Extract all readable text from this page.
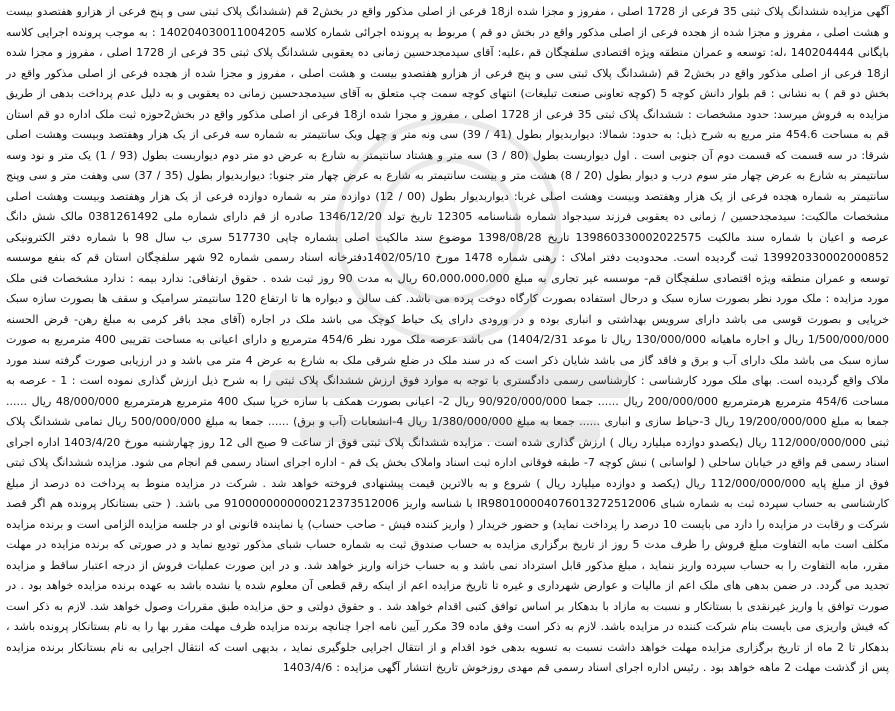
آگهی مزایده ششدانگ پلاک ثبتی 35 فرعی از 1728 اصلی ، مفروز و مجزا شده از18 فرعی از اصلی مذکور واقع در بخش2 قم (ششدانگ پلاک ثبتی سی و پنج فرعی از هزارو هفتصدو بیست و هشت اصلی ، مفروز و مجزا شده از هجده فرعی از اصلی مذکور واقع در بخش دو قم ) مربوط به پرونده اجرائی شماره کلاسه 140204030011004205 : به موجب پرونده اجرایی کلاسه بایگانی 140204444 ،له: توسعه و عمران منطقه ویژه اقتصادی سلفچگان قم ،علیه: آقای سیدمجدحسین زمانی ده یعقوبی ششدانگ پلاک ثبتی 35 فرعی از 1728 اصلی ، مفروز و مجزا شده از18 فرعی از اصلی مذکور واقع در بخش2 قم (ششدانگ پلاک ثبتی سی و پنج فرعی از هزارو هفتصدو بیست و هشت اصلی ، مفروز و مجزا شده از هجده فرعی از اصلی مذکور واقع در بخش دو قم ) به نشانی : قم بلوار دانش کوچه 5 (کوچه تعاونی صنعت تبلیغات) انتهای کوچه سمت چپ متعلق به آقای سیدمجدحسین زمانی ده یعقوبی و به دلیل عدم پرداخت بدهی از طریق مزایده به فروش میرسد: حدود مشخصات : ششدانگ پلاک ثبتی 35 فرعی از 1728 اصلی ، مفروز و مجزا شده از18 فرعی از اصلی مذکور واقع در بخش2حوزه ثبت ملک اداره دو قم استان قم به مساحت 454.6 متر مربع به شرح ذیل: به حدود: شمالا: دیواربدیوار بطول (41 / 39) سی ونه متر و چهل ویک سانتیمتر به شماره سه فرعی از یک هزار وهفتصد وبیست وهشت اصلی شرقا: در سه قسمت که قسمت دوم آن جنوبی است . اول دیواربست بطول (80 / 3) سه متر و هشتاد سانتیمتر به شارع به عرض دو متر دوم دیواربست بطول (93 / 1) یک متر و نود وسه سانتیمتر به شارع به عرض چهار متر سوم درب و دیوار بطول (20 / 8) هشت متر و بیست سانتیمتر به شارع به عرض چهار متر جنوبا: دیواربدیوار بطول (35 / 37) سی وهفت متر و سی وپنج سانتیمتر به شماره هجده فرعی از یک هزار وهفتصد وبیست وهشت اصلی غربا: دیواربدیوار بطول (00 / 12) دوازده متر به شماره دوازده فرعی از یک هزار وهفتصد وبیست وهشت اصلی مشخصات مالکیت: سیدمجدحسین / زمانی ده یعقوبی فرزند سیدجواد شماره شناسنامه 12305 تاریخ تولد 1346/12/20 صادره از قم دارای شماره ملی 0381261492 مالک شش دانگ عرصه و اعیان با شماره سند مالکیت 139860330002022575 تاریخ 1398/08/28 موضوع سند مالکیت اصلی بشماره چاپی 517730 سری ب سال 98 با شماره دفتر الکترونیکی 139920330002000852 ثبت گردیده است. محدودیت دفتر املاک : رهنی شماره 1478 مورخ 1402/05/10دفترخانه اسناد رسمی شماره 92 شهر سلفچگان استان قم که بنفع موسسه توسعه و عمران منطقه ویژه اقتصادی سلفچگان قم- موسسه غیر تجاری به مبلغ 60،000،000،000 ریال به مدت 90 روز ثبت شده . حقوق ارتفاقی: ندارد بیمه : ندارد مشخصات فنی ملک مورد مزایده : ملک مورد نظر بصورت سازه سبک و درحال استفاده بصورت کارگاه دوخت پرده می باشد. کف سالن و دیواره ها تا ارتفاع 120 سانتیمتر سرامیک و سقف ها بصورت سازه سبک خرپایی و بصورت قوسی می باشد دارای سرویس بهداشتی و انباری بوده و در ورودی دارای یک حیاط کوچک می باشد ملک در اجاره (آقای مجد باقر کرمی به مبلغ رهن- قرض الحسنه 1/500/000/000 ریال و اجاره ماهیانه 130/000/000 ریال تا موعد 1404/2/31) می باشد عرصه ملک مورد نظر 454/6 مترمربع و دارای اعیانی به مساحت تقریبی 400 مترمربع به صورت سازه سبک می باشد ملک دارای آب و برق و فاقد گاز می باشد شایان ذکر است که در سند ملک در ضلع شرقی ملک به شارع به عرض 4 متر می باشد و در ارزیابی صورت گرفته سند مورد ملاک واقع گردیده است. بهای ملک مورد کارشناسی : کارشناسی رسمی دادگستری با توجه به موارد فوق ارزش ششدانگ پلاک ثبتی را به شرح ذیل ارزش گذاری نموده است : 1 - عرصه به مساحت 454/6 مترمربع هرمترمربع 200/000/000 ریال ...... جمعا 90/920/000/000 ریال 2- اعیانی بصورت همکف با سازه خرپا سبک 400 مترمربع هرمترمربع 48/000/000 ریال ...... جمعا به مبلغ 19/200/000/000 ریال 3-حیاط سازی و انباری ...... جمعا به مبلغ 1/380/000/000 ریال 4-انشعابات (آب و برق) ...... جمعا به مبلغ 500/000/000 ریال تمامی ششدانگ پلاک ثبتی 112/000/000/000 ریال (یکصدو دوازده میلیارد ریال ) ارزش گذاری شده است . مزایده ششدانگ پلاک ثبتی فوق از ساعت 9 صبح الی 12 روز چهارشنبه مورخ 1403/4/20 اداره اجرای اسناد رسمی قم واقع در خیابان ساحلی ( لواسانی ) نبش کوچه 7- طبقه فوقانی اداره ثبت اسناد واملاک بخش یک قم - اداره اجرای اسناد رسمی قم انجام می شود. مزایده ششدانگ پلاک ثبتی فوق از مبلغ پایه 112/000/000/000 ریال (یکصد و دوازده میلیارد ریال ) شروع و به بالاترین قیمت پیشنهادی فروخته خواهد شد . شرکت در مزایده منوط به پرداخت ده درصد از مبلغ کارشناسی به حساب سپرده ثبت به شماره شبای IR980100004076013272512006 با شناسه واریز 9100000000000212373512006 می باشد. ( حتی بستانکار پرونده هم اگر قصد شرکت و رقابت در مزایده را دارد می بایست 10 درصد را پرداخت نماید) و حضور خریدار ( واریز کننده فیش - صاحب حساب) یا نماینده قانونی او در جلسه مزایده الزامی است و برنده مزایده مکلف است مابه التفاوت مبلغ فروش را ظرف مدت 5 روز از تاریخ برگزاری مزایده به حساب صندوق ثبت به شماره حساب شبای مذکور تودیع نماید و در صورتی که برنده مزایده در مهلت مقرر، مابه التفاوت را به حساب سپرده واریز ننماید ، مبلغ مذکور قابل استرداد نمی باشد و به حساب خزانه واریز خواهد شد. و در این صورت عملیات فروش از درجه اعتبار ساقط و مزایده تجدید می گردد. در ضمن بدهی های ملک اعم از مالیات و عوارض شهرداری و غیره تا تاریخ مزایده اعم از اینکه رقم قطعی آن معلوم شده یا نشده باشد به عهده برنده مزایده خواهد بود . در صورت توافق یا واریز غیرنقدی با بستانکار و نسبت به مازاد با بدهکار بر اساس توافق کتبی اقدام خواهد شد . و حقوق دولتی و حق مزایده طبق مقررات وصول خواهد شد. لازم به ذکر است که فیش واریزی می بایست بنام شرکت کننده در مزایده باشد. لازم به ذکر است وفق ماده 39 مکرر آیین نامه اجرا چنانچه برنده مزایده ظرف مهلت مقرر بها را به نام بستانکار پرونده باشد ، بدهکار تا 2 ماه از تاریخ برگزاری مزایده مهلت خواهد داشت نسبت به تسویه بدهی خود اقدام و از انتقال اجرایی جلوگیری نماید ، بدیهی است که انتقال اجرایی به نام بستانکار برنده مزایده پس از گذشت مهلت 2 ماهه خواهد بود . رئیس اداره اجرای اسناد رسمی قم مهدی روزخوش تاریخ انتشار آگهی مزایده : 1403/4/6
